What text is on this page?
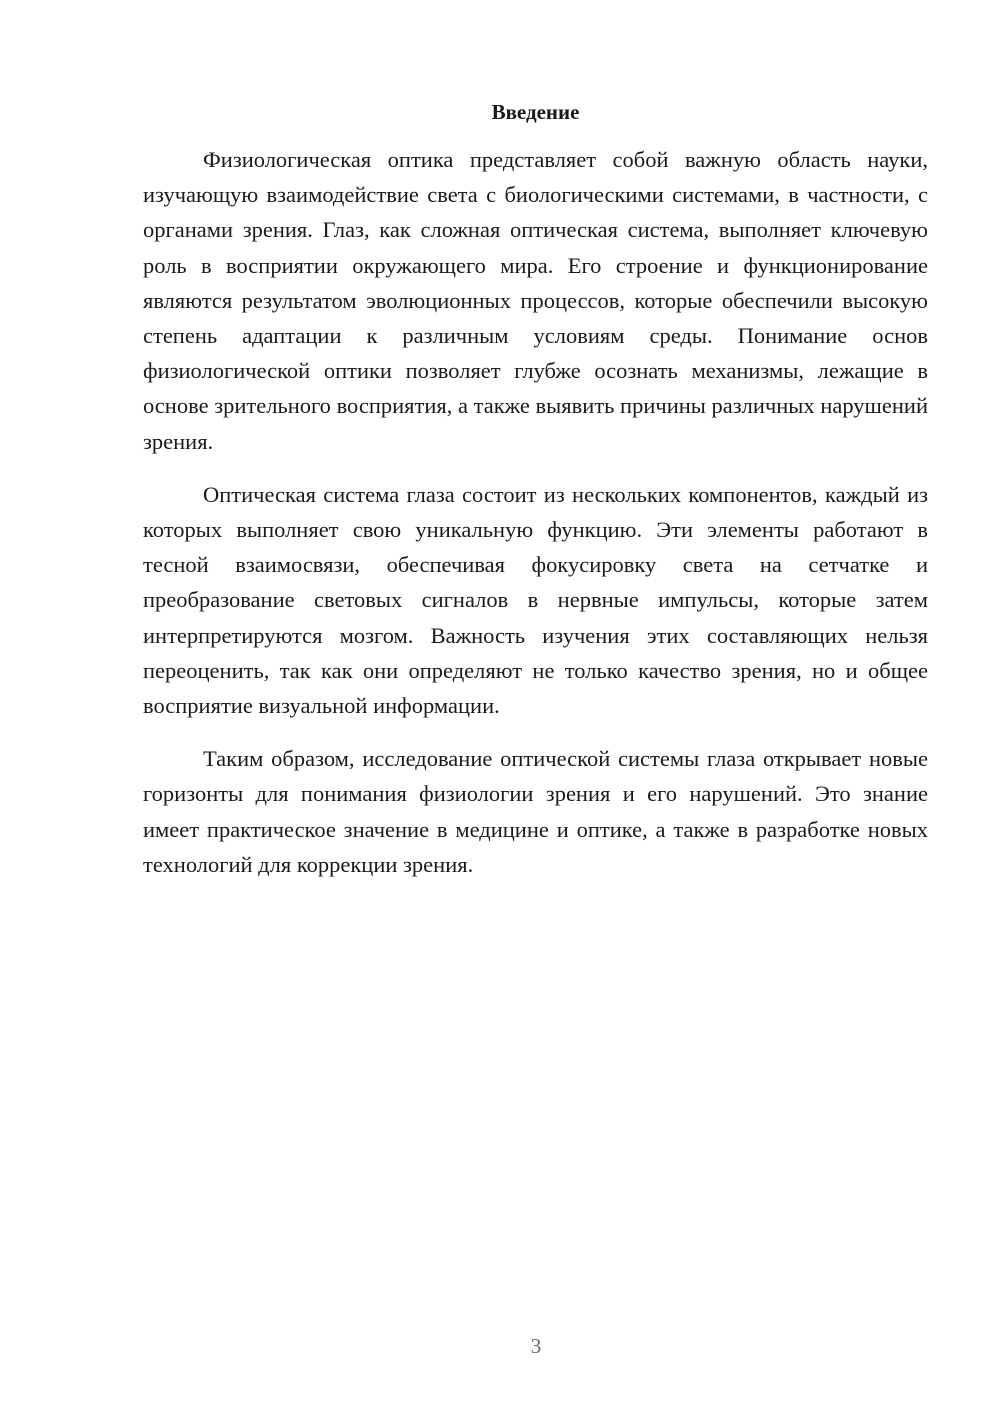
Введение

Физиологическая оптика представляет собой важную область науки, изучающую взаимодействие света с биологическими системами, в частности, с органами зрения. Глаз, как сложная оптическая система, выполняет ключевую роль в восприятии окружающего мира. Его строение и функционирование являются результатом эволюционных процессов, которые обеспечили высокую степень адаптации к различным условиям среды. Понимание основ физиологической оптики позволяет глубже осознать механизмы, лежащие в основе зрительного восприятия, а также выявить причины различных нарушений зрения.

Оптическая система глаза состоит из нескольких компонентов, каждый из которых выполняет свою уникальную функцию. Эти элементы работают в тесной взаимосвязи, обеспечивая фокусировку света на сетчатке и преобразование световых сигналов в нервные импульсы, которые затем интерпретируются мозгом. Важность изучения этих составляющих нельзя переоценить, так как они определяют не только качество зрения, но и общее восприятие визуальной информации.

Таким образом, исследование оптической системы глаза открывает новые горизонты для понимания физиологии зрения и его нарушений. Это знание имеет практическое значение в медицине и оптике, а также в разработке новых технологий для коррекции зрения.

3
